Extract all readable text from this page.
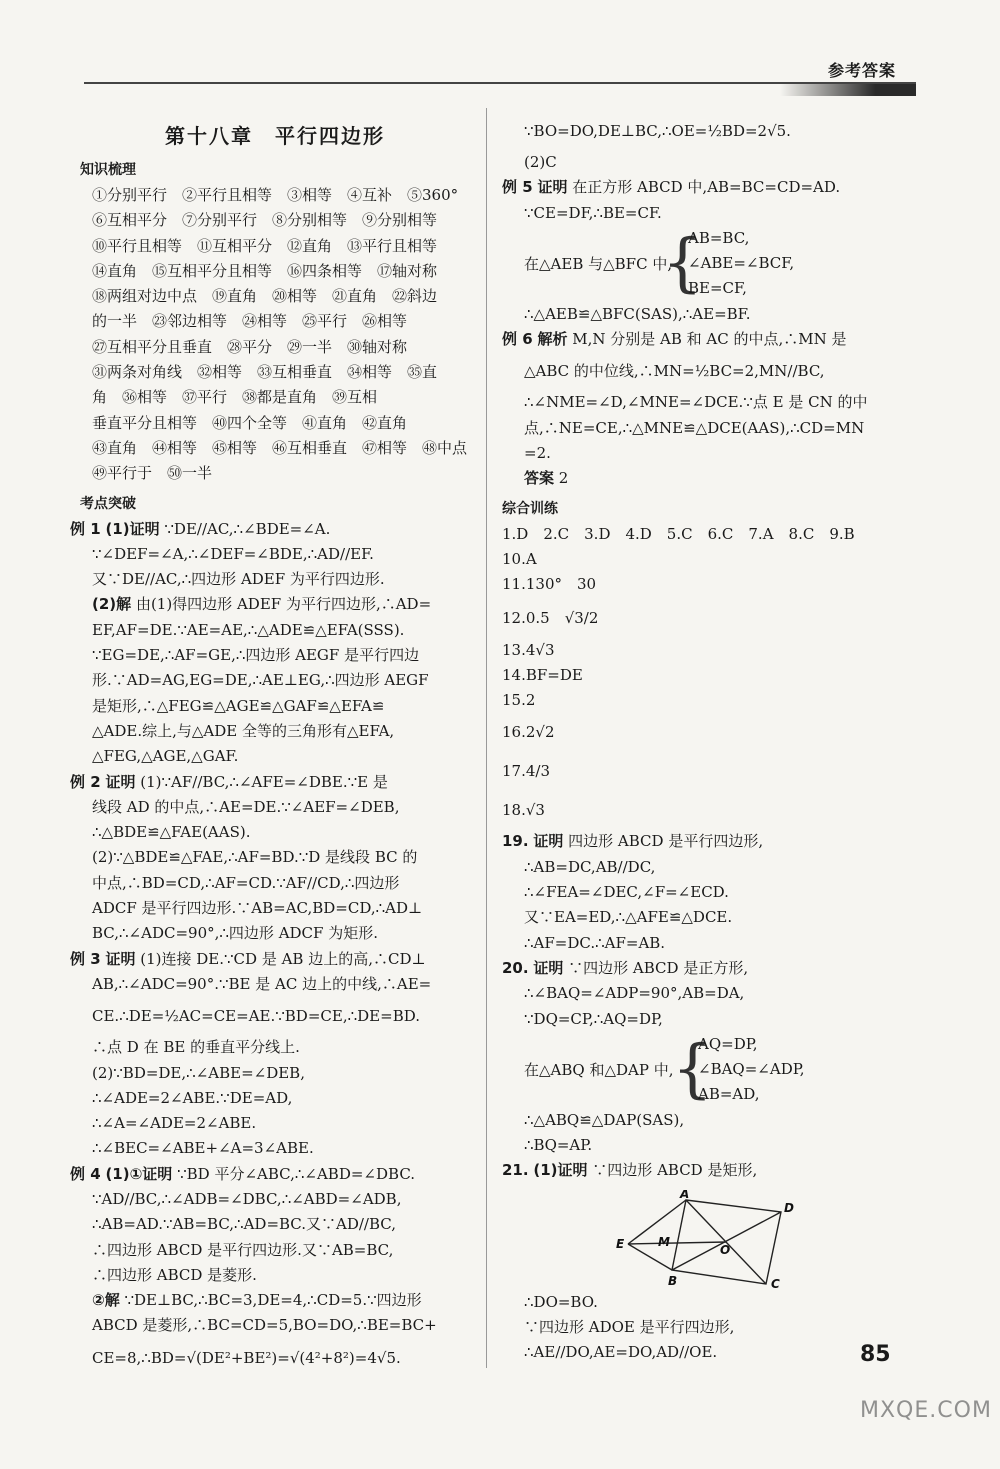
参考答案
第十八章　平行四边形
知识梳理
①分别平行　②平行且相等　③相等　④互补　⑤360°
⑥互相平分　⑦分别平行　⑧分别相等　⑨分别相等
⑩平行且相等　⑪互相平分　⑫直角　⑬平行且相等
⑭直角　⑮互相平分且相等　⑯四条相等　⑰轴对称
⑱两组对边中点　⑲直角　⑳相等　㉑直角　㉒斜边
的一半　㉓邻边相等　㉔相等　㉕平行　㉖相等
㉗互相平分且垂直　㉘平分　㉙一半　㉚轴对称
㉛两条对角线　㉜相等　㉝互相垂直　㉞相等　㉟直
角　㊱相等　㊲平行　㊳都是直角　㊴互相
垂直平分且相等　㊵四个全等　㊶直角　㊷直角
㊸直角　㊹相等　㊺相等　㊻互相垂直　㊼相等　㊽中点
㊾平行于　㊿一半
考点突破
例 1 (1)证明 ∵DE//AC,∴∠BDE=∠A.
∵∠DEF=∠A,∴∠DEF=∠BDE,∴AD//EF.
又∵DE//AC,∴四边形 ADEF 为平行四边形.
(2)解 由(1)得四边形 ADEF 为平行四边形,∴AD=
EF,AF=DE.∵AE=AE,∴△ADE≌△EFA(SSS).
∵EG=DE,∴AF=GE,∴四边形 AEGF 是平行四边
形.∵AD=AG,EG=DE,∴AE⊥EG,∴四边形 AEGF
是矩形,∴△FEG≌△AGE≌△GAF≌△EFA≌
△ADE.综上,与△ADE 全等的三角形有△EFA,
△FEG,△AGE,△GAF.
例 2 证明 (1)∵AF//BC,∴∠AFE=∠DBE.∵E 是
线段 AD 的中点,∴AE=DE.∵∠AEF=∠DEB,
∴△BDE≌△FAE(AAS).
(2)∵△BDE≌△FAE,∴AF=BD.∵D 是线段 BC 的
中点,∴BD=CD,∴AF=CD.∵AF//CD,∴四边形
ADCF 是平行四边形.∵AB=AC,BD=CD,∴AD⊥
BC,∴∠ADC=90°,∴四边形 ADCF 为矩形.
例 3 证明 (1)连接 DE.∵CD 是 AB 边上的高,∴CD⊥
AB,∴∠ADC=90°.∵BE 是 AC 边上的中线,∴AE=
CE.∴DE=½AC=CE=AE.∵BD=CE,∴DE=BD.
∴点 D 在 BE 的垂直平分线上.
(2)∵BD=DE,∴∠ABE=∠DEB,
∴∠ADE=2∠ABE.∵DE=AD,
∴∠A=∠ADE=2∠ABE.
∴∠BEC=∠ABE+∠A=3∠ABE.
例 4 (1)①证明 ∵BD 平分∠ABC,∴∠ABD=∠DBC.
∵AD//BC,∴∠ADB=∠DBC,∴∠ABD=∠ADB,
∴AB=AD.∵AB=BC,∴AD=BC.又∵AD//BC,
∴四边形 ABCD 是平行四边形.又∵AB=BC,
∴四边形 ABCD 是菱形.
②解 ∵DE⊥BC,∴BC=3,DE=4,∴CD=5.∵四边形
ABCD 是菱形,∴BC=CD=5,BO=DO,∴BE=BC+
CE=8,∴BD=√(DE²+BE²)=√(4²+8²)=4√5.
∵BO=DO,DE⊥BC,∴OE=½BD=2√5.
(2)C
例 5 证明 在正方形 ABCD 中,AB=BC=CD=AD.
∵CE=DF,∴BE=CF.
在△AEB 与△BFC 中,
{
AB=BC,
∠ABE=∠BCF,
BE=CF,
∴△AEB≌△BFC(SAS),∴AE=BF.
例 6 解析 M,N 分别是 AB 和 AC 的中点,∴MN 是
△ABC 的中位线,∴MN=½BC=2,MN//BC,
∴∠NME=∠D,∠MNE=∠DCE.∵点 E 是 CN 的中
点,∴NE=CE,∴△MNE≌△DCE(AAS),∴CD=MN
=2.
答案 2
综合训练
1.D　2.C　3.D　4.D　5.C　6.C　7.A　8.C　9.B
10.A
11.130°　30
12.0.5　√3/2
13.4√3
14.BF=DE
15.2
16.2√2
17.4/3
18.√3
19. 证明 四边形 ABCD 是平行四边形,
∴AB=DC,AB//DC,
∴∠FEA=∠DEC,∠F=∠ECD.
又∵EA=ED,∴△AFE≌△DCE.
∴AF=DC.∴AF=AB.
20. 证明 ∵四边形 ABCD 是正方形,
∴∠BAQ=∠ADP=90°,AB=DA,
∵DQ=CP,∴AQ=DP,
在△ABQ 和△DAP 中,
{
AQ=DP,
∠BAQ=∠ADP,
AB=AD,
∴△ABQ≌△DAP(SAS),
∴BQ=AP.
21. (1)证明 ∵四边形 ABCD 是矩形,
A
D
E
B	C
M
O
∴DO=BO.
∵四边形 ADOE 是平行四边形,
∴AE//DO,AE=DO,AD//OE.	85
MXQE.COM
